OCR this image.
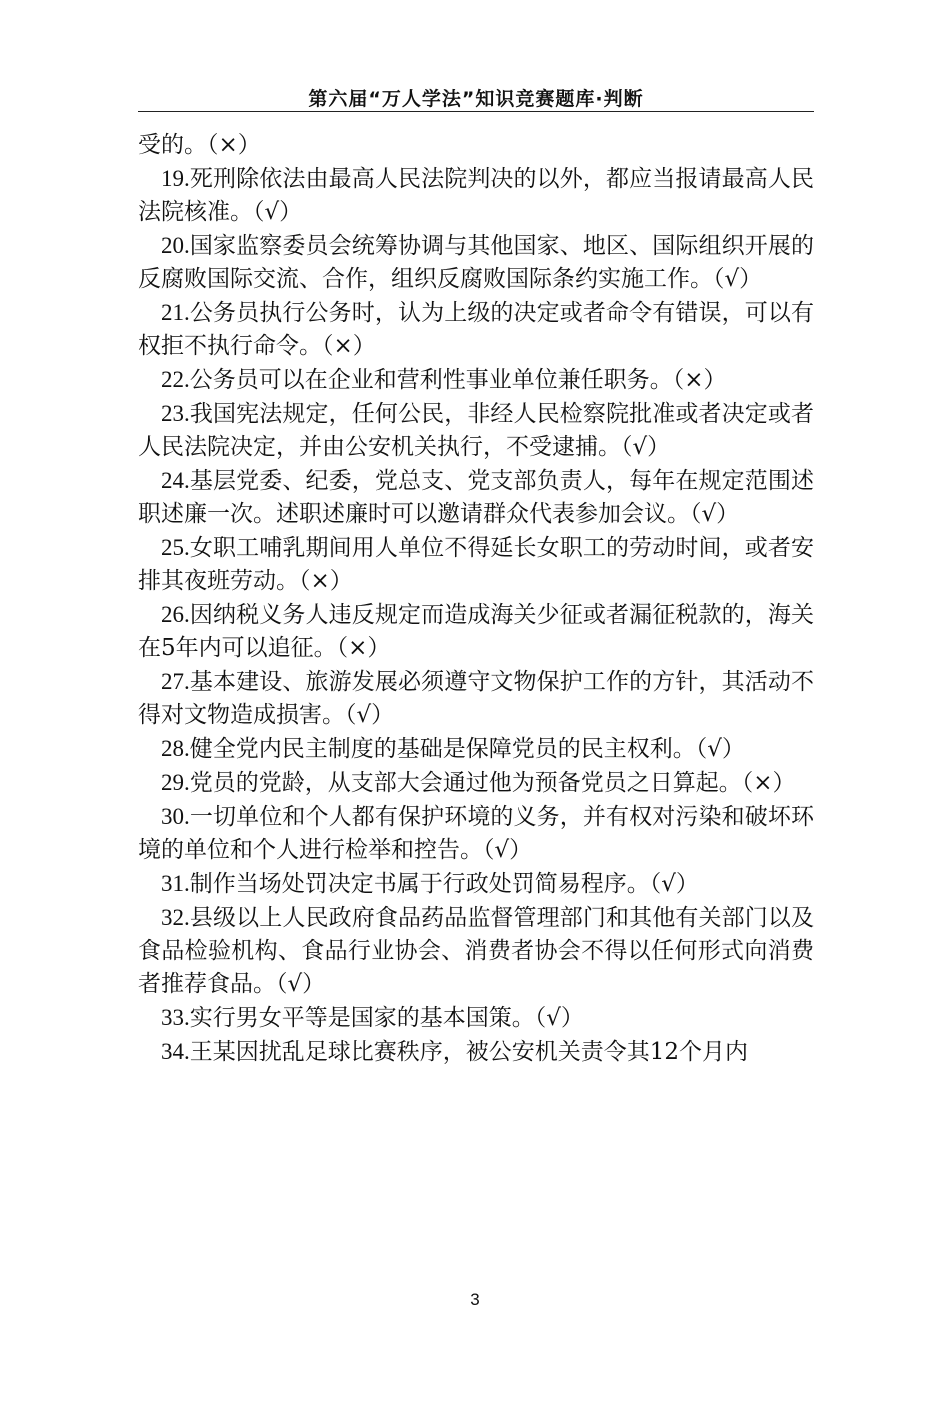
第六届“万人学法”知识竞赛题库·判断

受的。（×）

19.死刑除依法由最高人民法院判决的以外，都应当报请最高人民法院核准。（√）

20.国家监察委员会统筹协调与其他国家、地区、国际组织开展的反腐败国际交流、合作，组织反腐败国际条约实施工作。（√）

21.公务员执行公务时，认为上级的决定或者命令有错误，可以有权拒不执行命令。（×）

22.公务员可以在企业和营利性事业单位兼任职务。（×）

23.我国宪法规定，任何公民，非经人民检察院批准或者决定或者人民法院决定，并由公安机关执行，不受逮捕。（√）

24.基层党委、纪委，党总支、党支部负责人，每年在规定范围述职述廉一次。述职述廉时可以邀请群众代表参加会议。（√）

25.女职工哺乳期间用人单位不得延长女职工的劳动时间，或者安排其夜班劳动。（×）

26.因纳税义务人违反规定而造成海关少征或者漏征税款的，海关在5年内可以追征。（×）

27.基本建设、旅游发展必须遵守文物保护工作的方针，其活动不得对文物造成损害。（√）

28.健全党内民主制度的基础是保障党员的民主权利。（√）

29.党员的党龄，从支部大会通过他为预备党员之日算起。（×）

30.一切单位和个人都有保护环境的义务，并有权对污染和破坏环境的单位和个人进行检举和控告。（√）

31.制作当场处罚决定书属于行政处罚简易程序。（√）

32.县级以上人民政府食品药品监督管理部门和其他有关部门以及食品检验机构、食品行业协会、消费者协会不得以任何形式向消费者推荐食品。（√）

33.实行男女平等是国家的基本国策。（√）

34.王某因扰乱足球比赛秩序，被公安机关责令其12个月内

3
